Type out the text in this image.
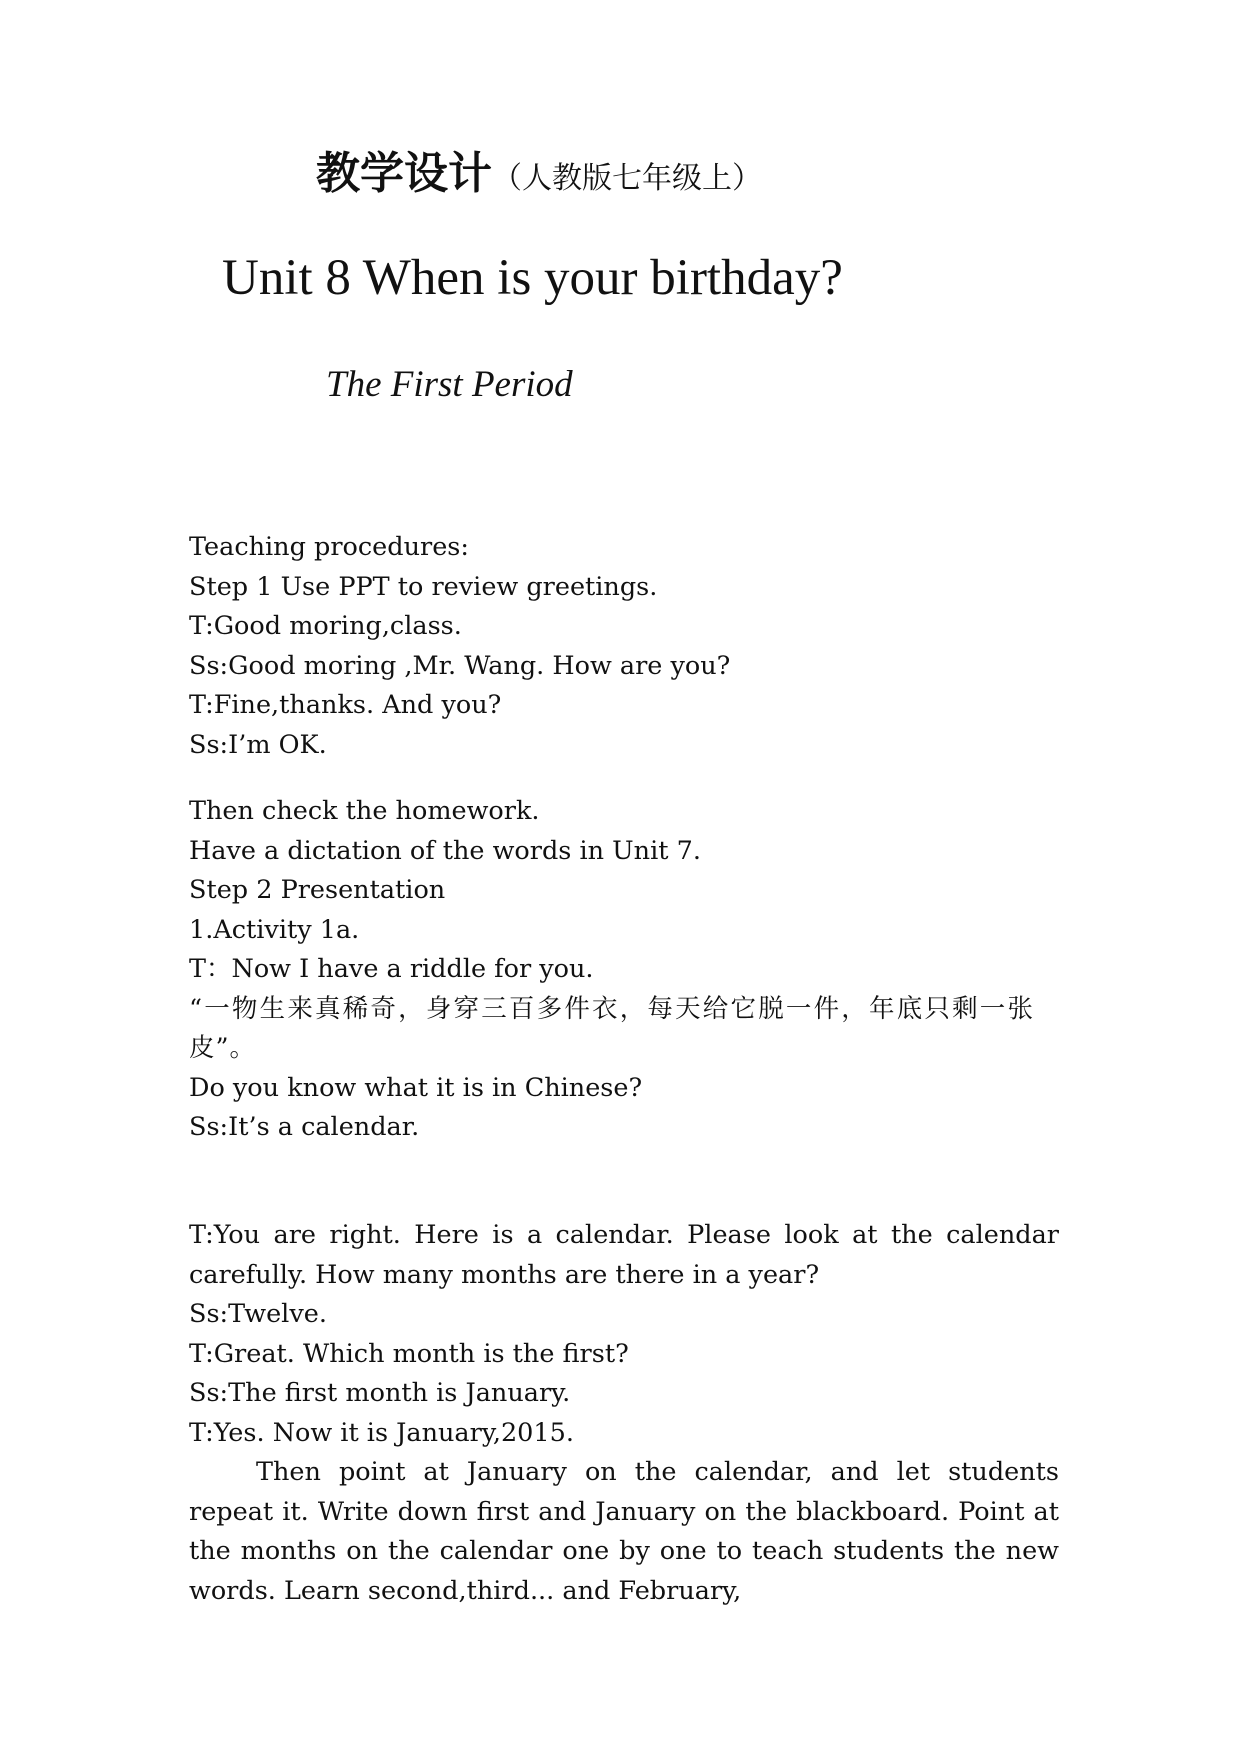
教学设计（人教版七年级上）
Unit 8 When is your birthday?
The First Period
Teaching procedures:
Step 1 Use PPT to review greetings.
T:Good moring,class.
Ss:Good moring ,Mr. Wang. How are you?
T:Fine,thanks. And you?
Ss:I’m OK.
Then check the homework.
Have a dictation of the words in Unit 7.
Step 2 Presentation
1.Activity 1a.
T：Now I have a riddle for you.
“一物生来真稀奇，身穿三百多件衣，每天给它脱一件，年底只剩一张皮”。
Do you know what it is in Chinese?
Ss:It’s a calendar.
T:You are right. Here is a calendar. Please look at the calendar carefully. How many months are there in a year?
Ss:Twelve.
T:Great. Which month is the first?
Ss:The first month is January.
T:Yes. Now it is January,2015.
Then point at January on the calendar, and let students repeat it. Write down first and January on the blackboard. Point at the months on the calendar one by one to teach students the new words. Learn second,third... and February,
